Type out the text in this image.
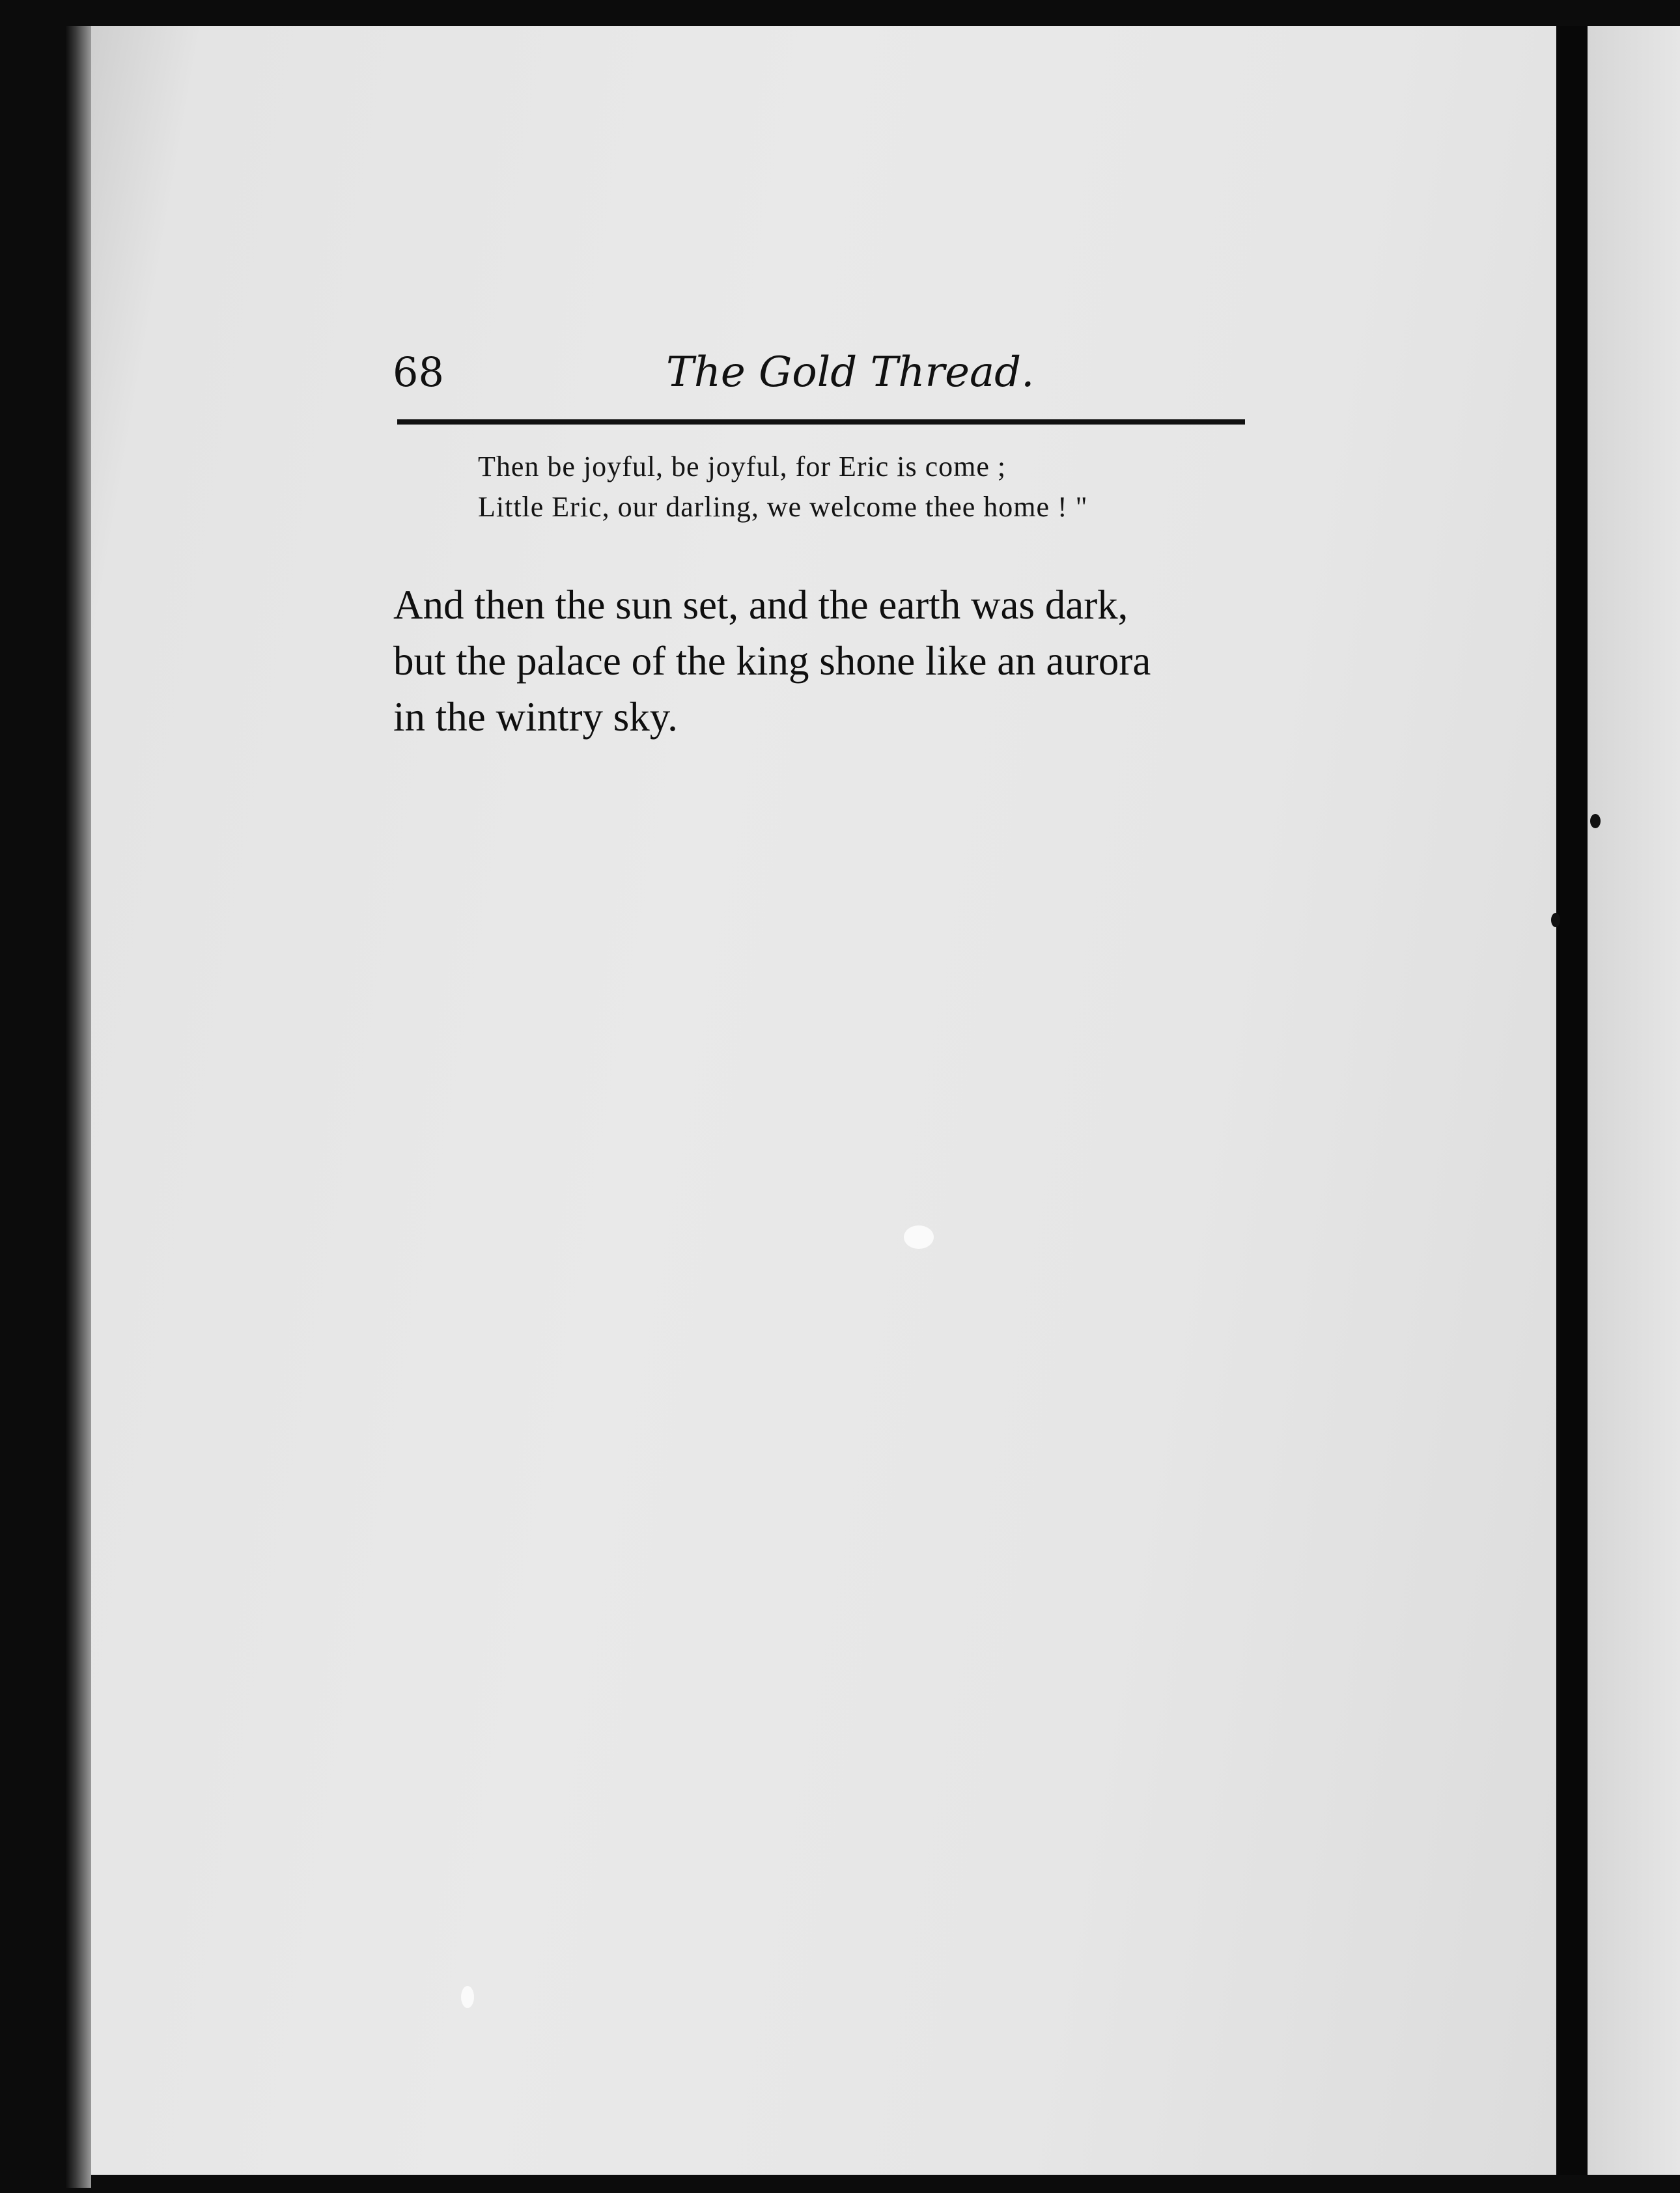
68	The Gold Thread.
Then be joyful, be joyful, for Eric is come ;
Little Eric, our darling, we welcome thee home ! "
And then the sun set, and the earth was dark,
but the palace of the king shone like an aurora
in the wintry sky.
